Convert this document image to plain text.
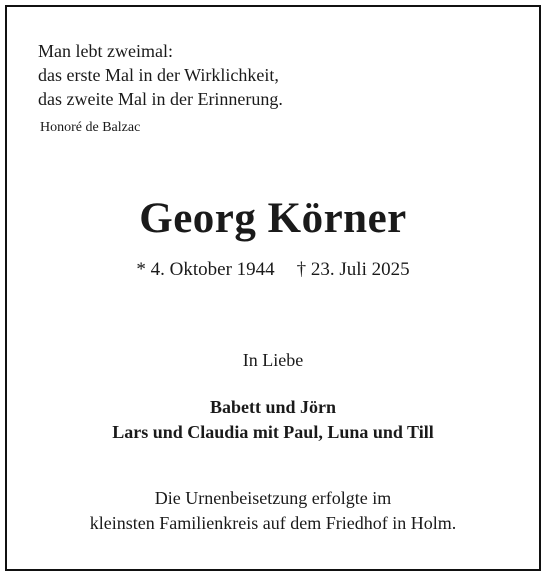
Man lebt zweimal:
das erste Mal in der Wirklichkeit,
das zweite Mal in der Erinnerung.
Honoré de Balzac
Georg Körner
* 4. Oktober 1944 † 23. Juli 2025
In Liebe
Babett und Jörn
Lars und Claudia mit Paul, Luna und Till
Die Urnenbeisetzung erfolgte im
kleinsten Familienkreis auf dem Friedhof in Holm.
